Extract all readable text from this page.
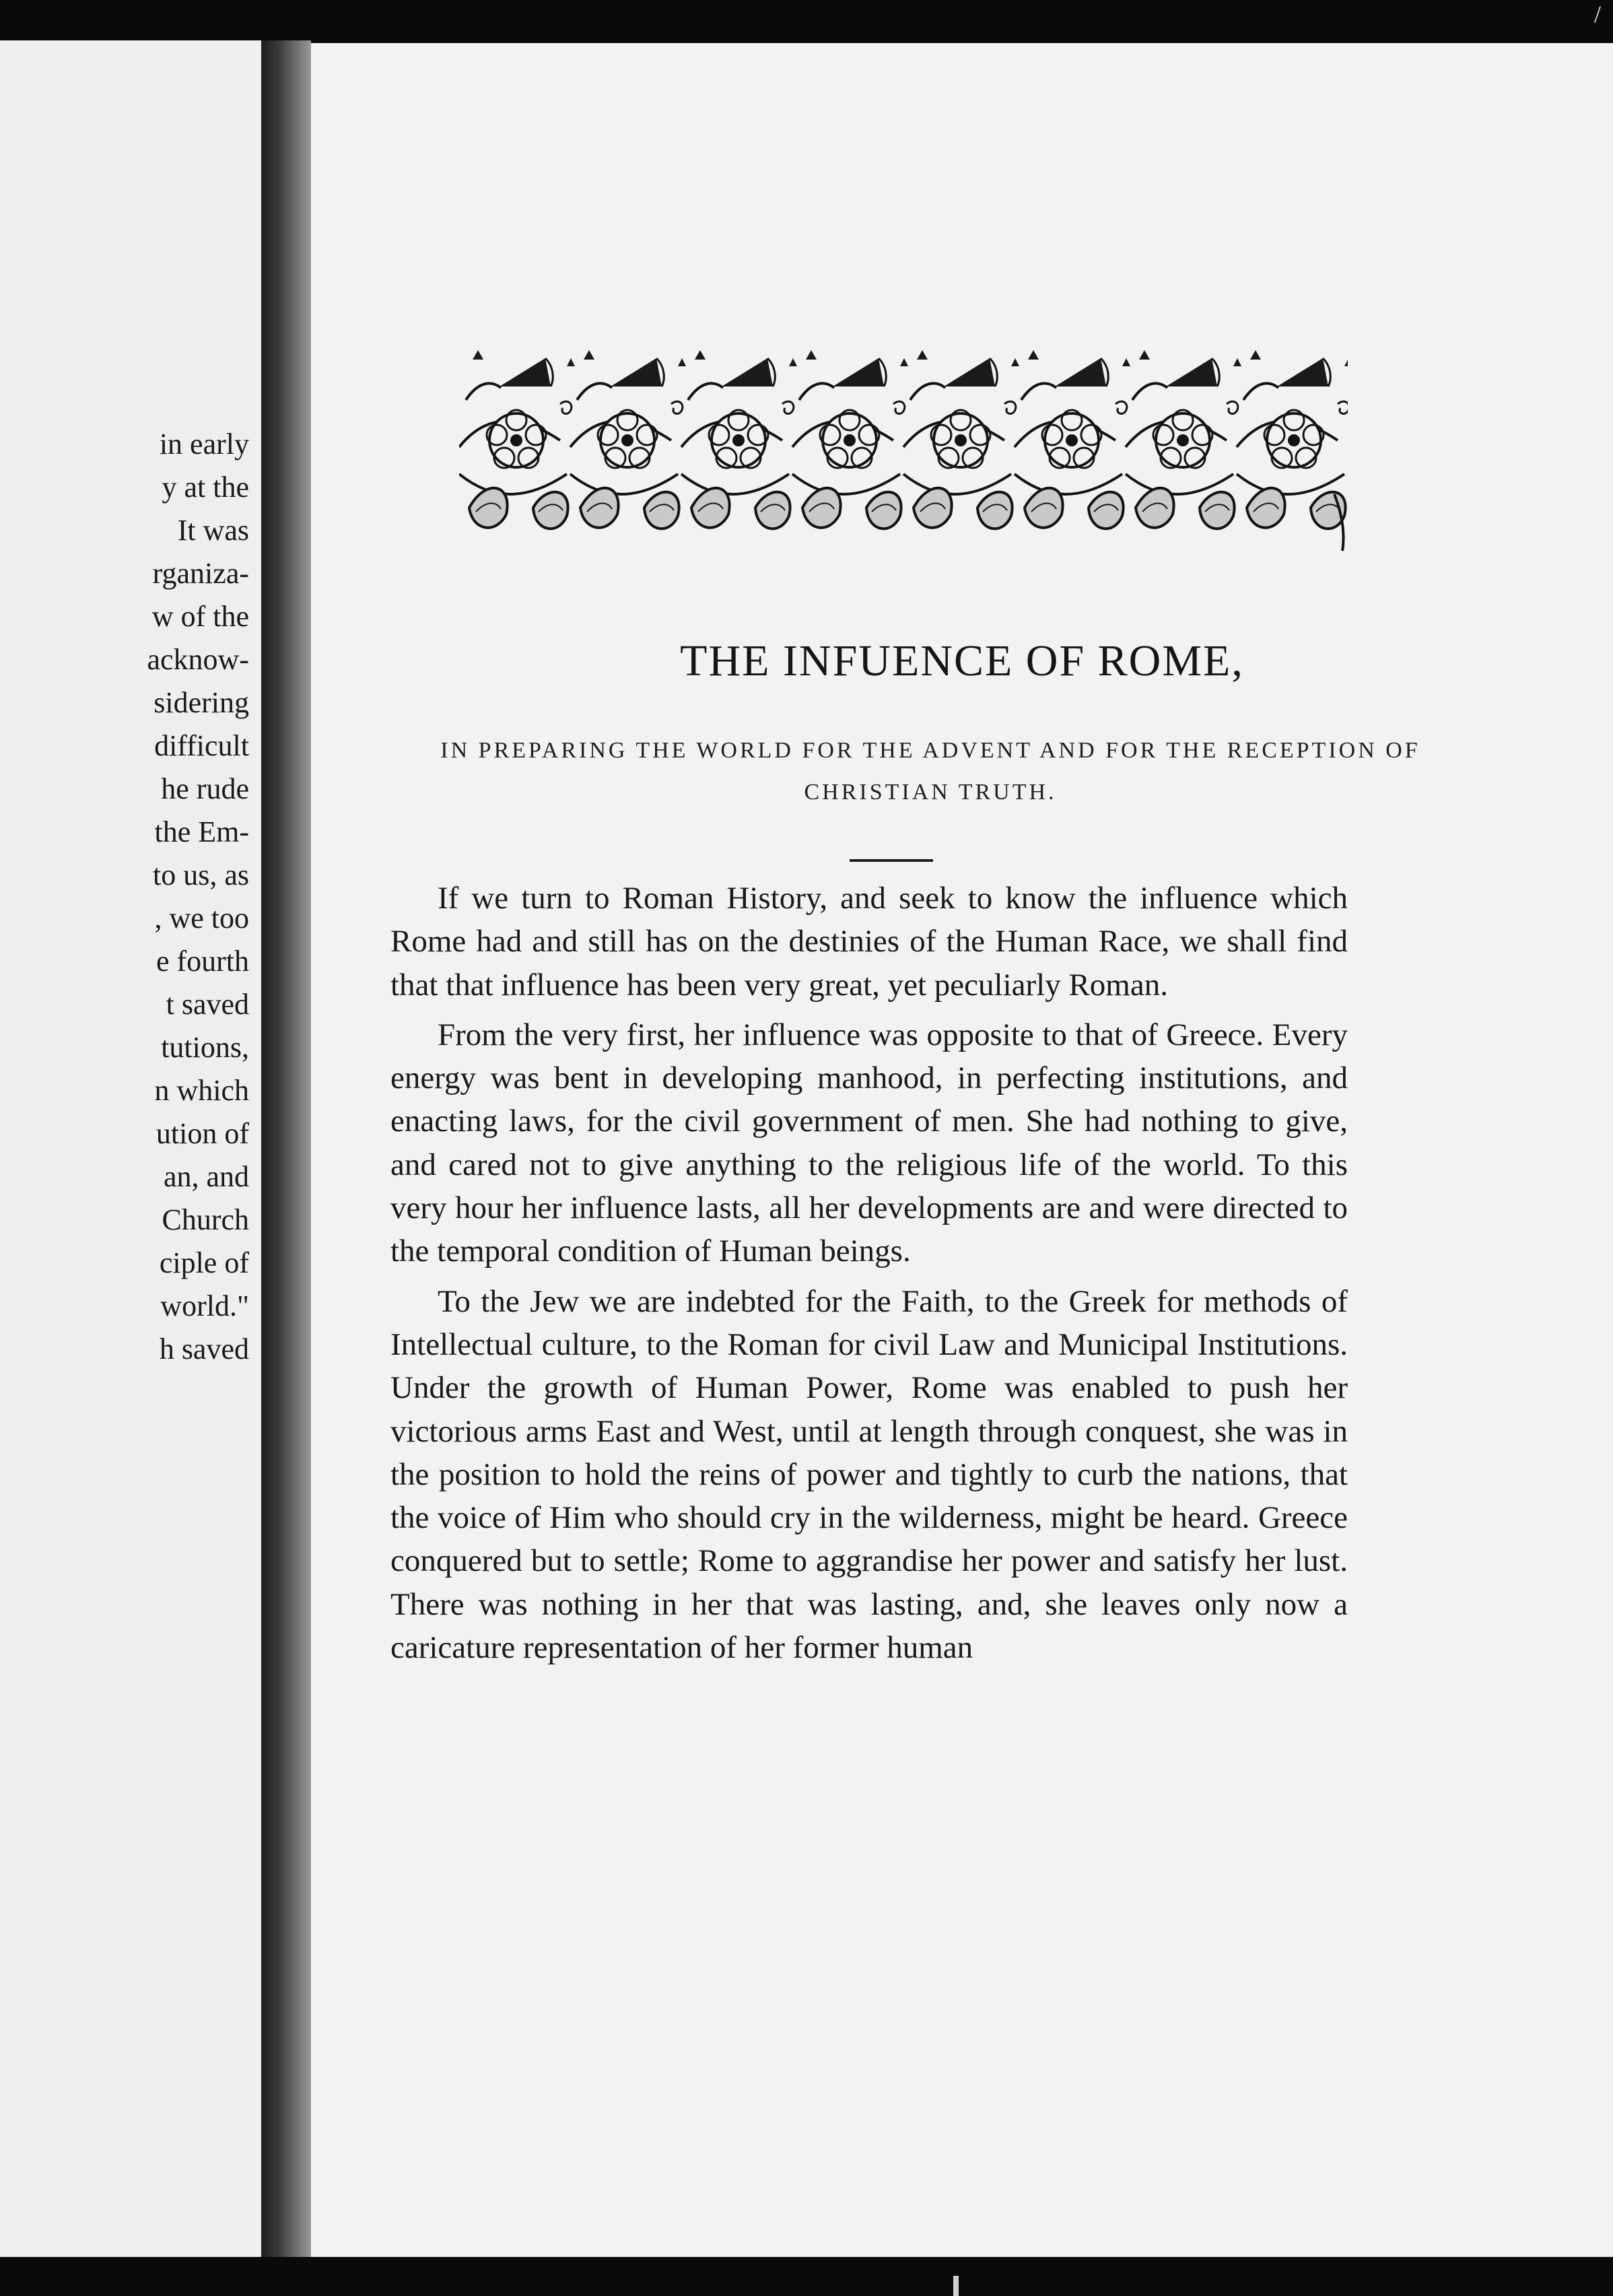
in early
y at the
It was
rganiza-
w of the
acknow-
sidering
difficult
he rude
the Em-
to us, as
, we too
e fourth
t saved
tutions,
n which
ution of
an, and
Church
ciple of
world."
h saved
THE INFUENCE OF ROME,
IN PREPARING THE WORLD FOR THE ADVENT AND FOR THE RECEPTION OF CHRISTIAN TRUTH.

If we turn to Roman History, and seek to know the influence which Rome had and still has on the destinies of the Human Race, we shall find that that influence has been very great, yet peculiarly Roman.

From the very first, her influence was opposite to that of Greece. Every energy was bent in developing manhood, in perfecting institutions, and enacting laws, for the civil government of men. She had nothing to give, and cared not to give anything to the religious life of the world. To this very hour her influence lasts, all her developments are and were directed to the temporal condition of Human beings.

To the Jew we are indebted for the Faith, to the Greek for methods of Intellectual culture, to the Roman for civil Law and Municipal Institutions. Under the growth of Human Power, Rome was enabled to push her victorious arms East and West, until at length through conquest, she was in the position to hold the reins of power and tightly to curb the nations, that the voice of Him who should cry in the wilderness, might be heard. Greece conquered but to settle; Rome to aggrandise her power and satisfy her lust. There was nothing in her that was lasting, and, she leaves only now a caricature representation of her former human

/
